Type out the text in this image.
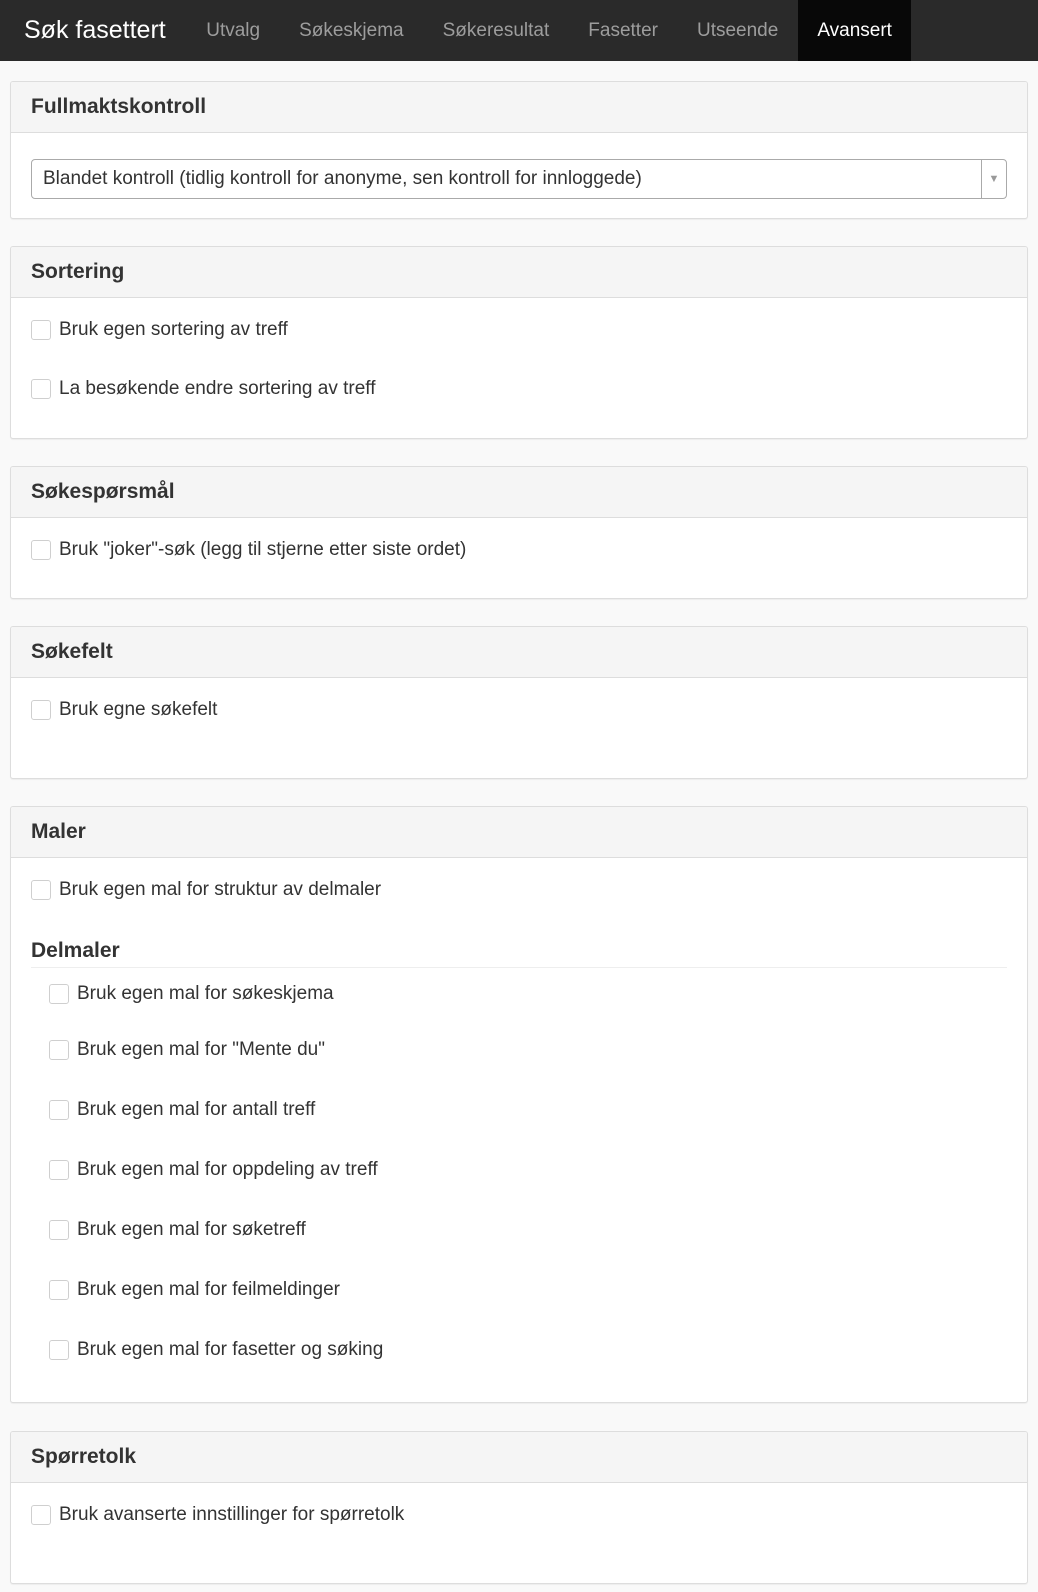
Søk fasettert	Utvalg	Søkeskjema	Søkeresultat	Fasetter	Utseende	Avansert
Fullmaktskontroll
Blandet kontroll (tidlig kontroll for anonyme, sen kontroll for innloggede)	▼
Sortering
Bruk egen sortering av treff
La besøkende endre sortering av treff
Søkespørsmål
Bruk "joker"-søk (legg til stjerne etter siste ordet)
Søkefelt
Bruk egne søkefelt
Maler
Bruk egen mal for struktur av delmaler
Delmaler
Bruk egen mal for søkeskjema
Bruk egen mal for "Mente du"
Bruk egen mal for antall treff
Bruk egen mal for oppdeling av treff
Bruk egen mal for søketreff
Bruk egen mal for feilmeldinger
Bruk egen mal for fasetter og søking
Spørretolk
Bruk avanserte innstillinger for spørretolk
